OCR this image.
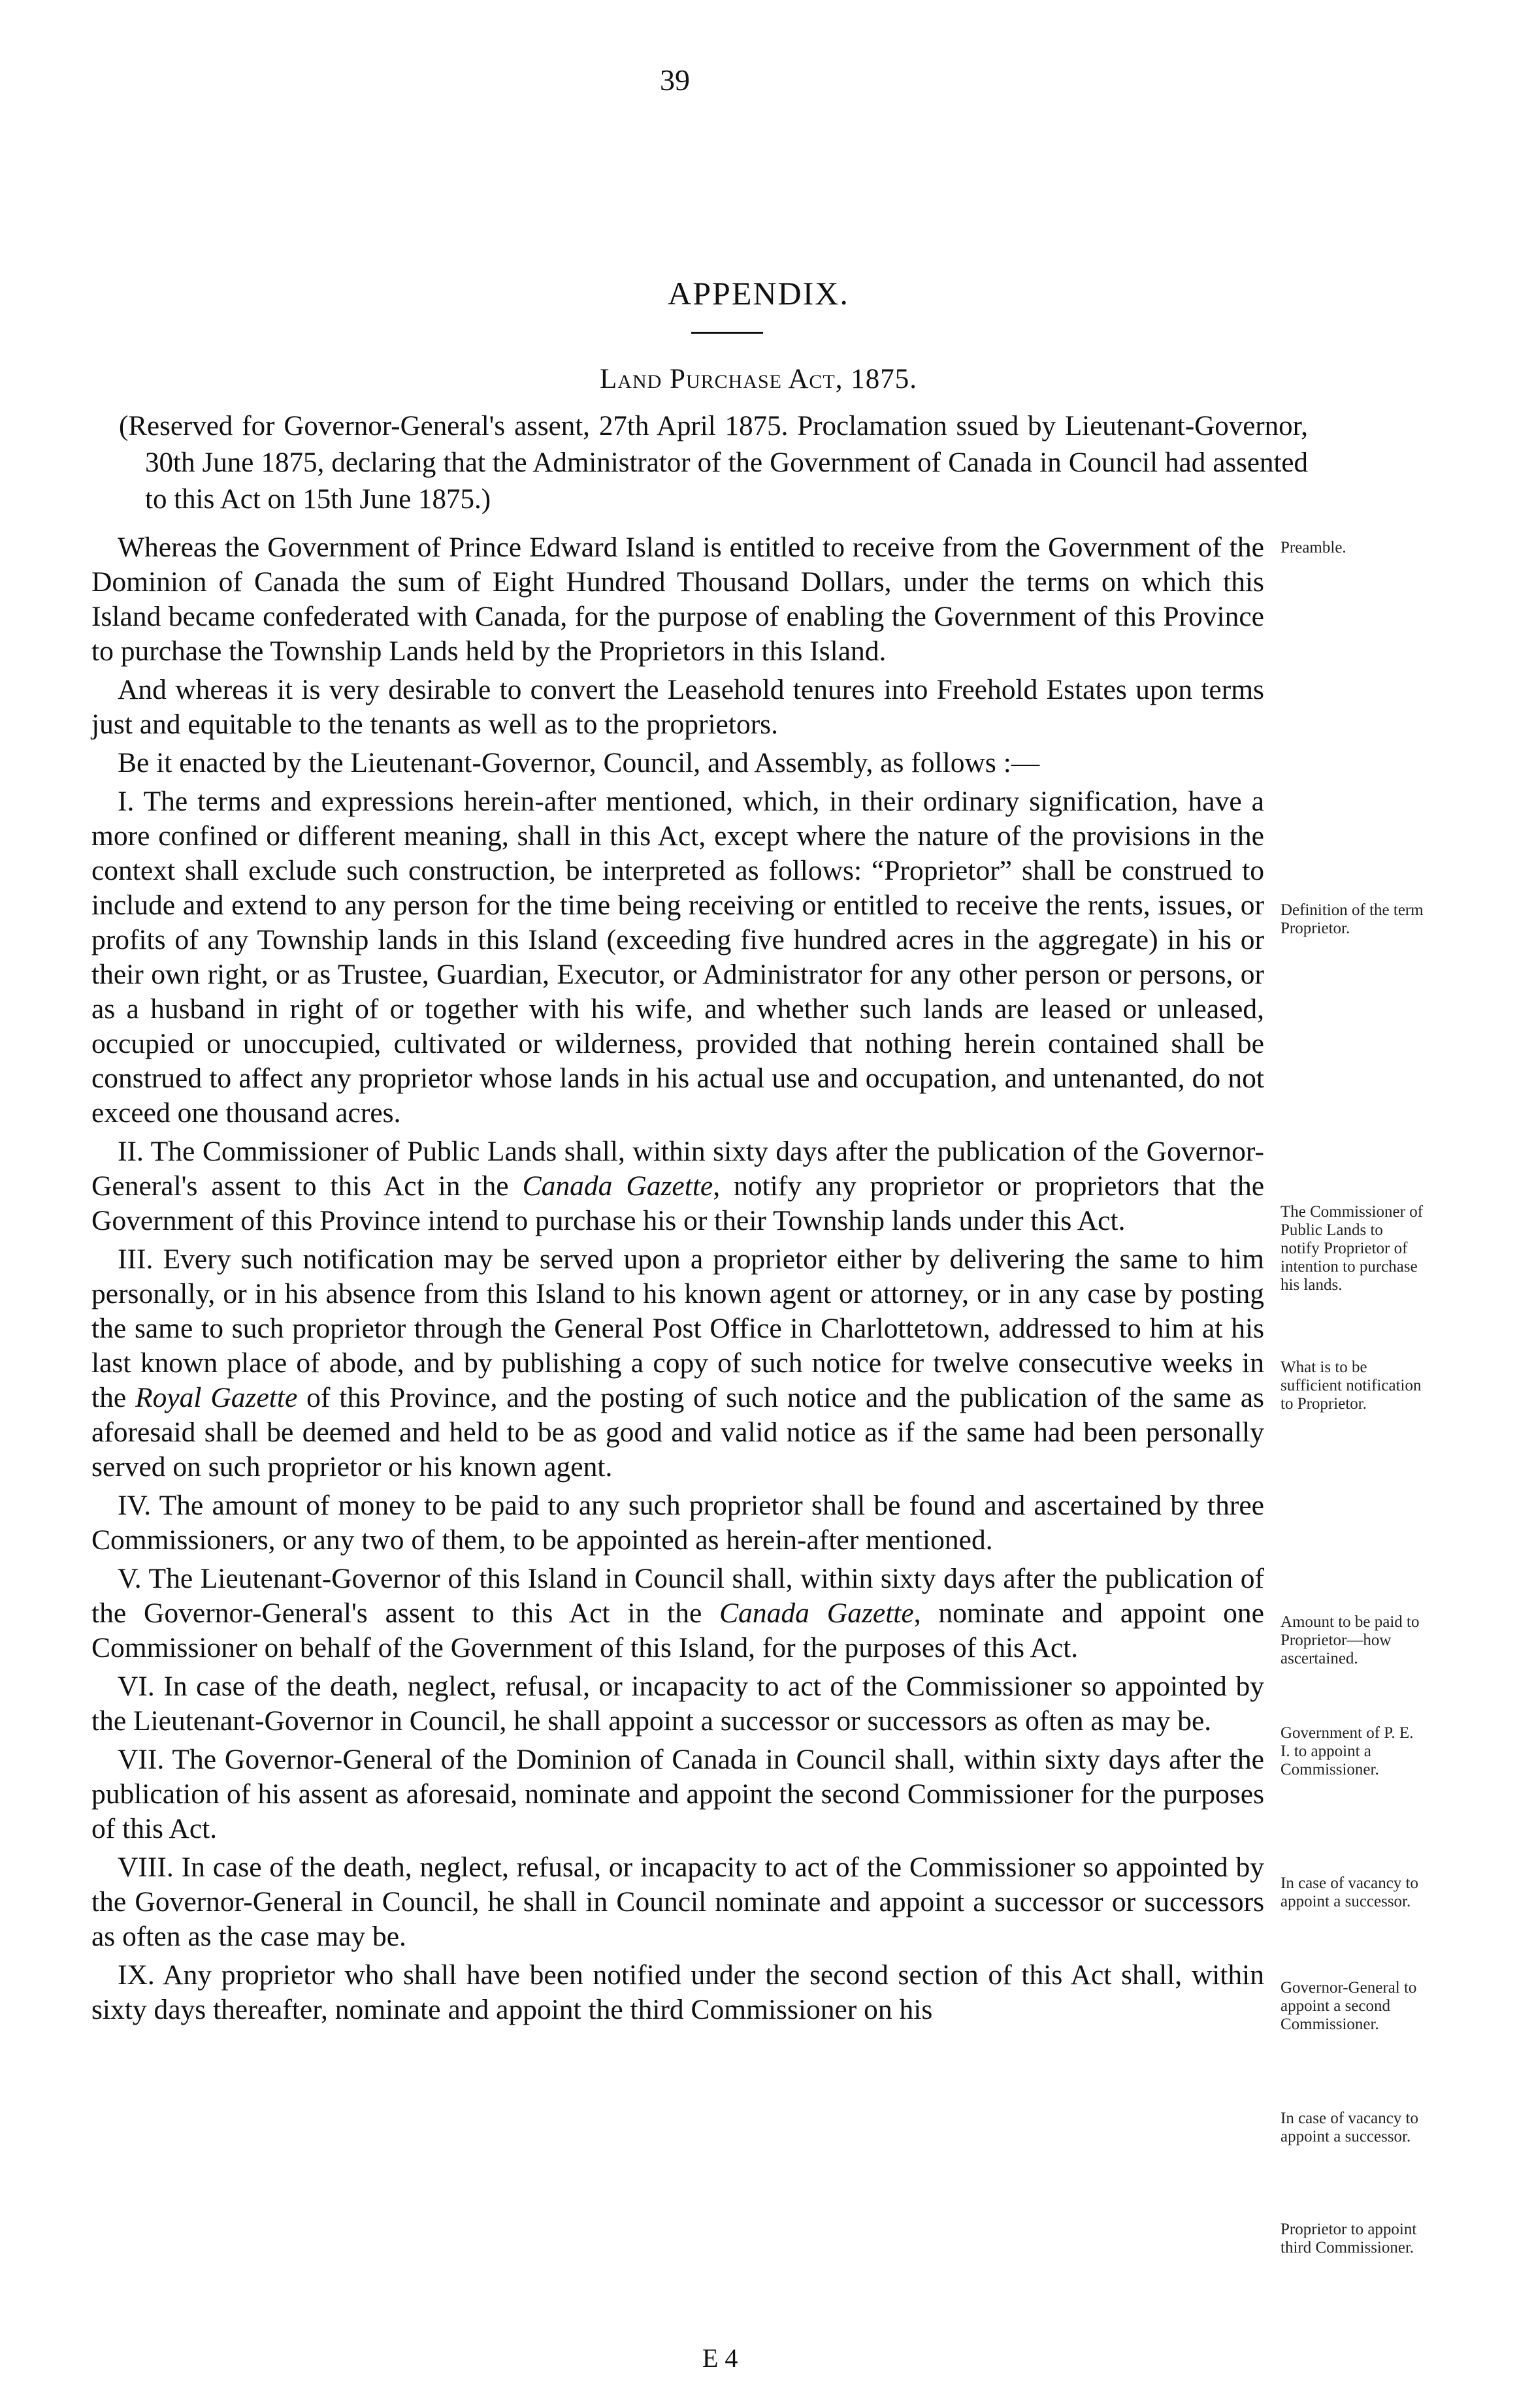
39
APPENDIX.
Land Purchase Act, 1875.
(Reserved for Governor-General's assent, 27th April 1875. Proclamation ssued by Lieutenant-Governor, 30th June 1875, declaring that the Administrator of the Government of Canada in Council had assented to this Act on 15th June 1875.)

Whereas the Government of Prince Edward Island is entitled to receive from the Government of the Dominion of Canada the sum of Eight Hundred Thousand Dollars, under the terms on which this Island became confederated with Canada, for the purpose of enabling the Government of this Province to purchase the Township Lands held by the Proprietors in this Island.

And whereas it is very desirable to convert the Leasehold tenures into Freehold Estates upon terms just and equitable to the tenants as well as to the proprietors.

Be it enacted by the Lieutenant-Governor, Council, and Assembly, as follows :—

I. The terms and expressions herein-after mentioned, which, in their ordinary signification, have a more confined or different meaning, shall in this Act, except where the nature of the provisions in the context shall exclude such construction, be interpreted as follows: “Proprietor” shall be construed to include and extend to any person for the time being receiving or entitled to receive the rents, issues, or profits of any Township lands in this Island (exceeding five hundred acres in the aggregate) in his or their own right, or as Trustee, Guardian, Executor, or Administrator for any other person or persons, or as a husband in right of or together with his wife, and whether such lands are leased or unleased, occupied or unoccupied, cultivated or wilderness, provided that nothing herein contained shall be construed to affect any proprietor whose lands in his actual use and occupation, and untenanted, do not exceed one thousand acres.

II. The Commissioner of Public Lands shall, within sixty days after the publication of the Governor-General's assent to this Act in the Canada Gazette, notify any proprietor or proprietors that the Government of this Province intend to purchase his or their Township lands under this Act.

III. Every such notification may be served upon a proprietor either by delivering the same to him personally, or in his absence from this Island to his known agent or attorney, or in any case by posting the same to such proprietor through the General Post Office in Charlottetown, addressed to him at his last known place of abode, and by publishing a copy of such notice for twelve consecutive weeks in the Royal Gazette of this Province, and the posting of such notice and the publication of the same as aforesaid shall be deemed and held to be as good and valid notice as if the same had been personally served on such proprietor or his known agent.

IV. The amount of money to be paid to any such proprietor shall be found and ascertained by three Commissioners, or any two of them, to be appointed as herein-after mentioned.

V. The Lieutenant-Governor of this Island in Council shall, within sixty days after the publication of the Governor-General's assent to this Act in the Canada Gazette, nominate and appoint one Commissioner on behalf of the Government of this Island, for the purposes of this Act.

VI. In case of the death, neglect, refusal, or incapacity to act of the Commissioner so appointed by the Lieutenant-Governor in Council, he shall appoint a successor or successors as often as may be.

VII. The Governor-General of the Dominion of Canada in Council shall, within sixty days after the publication of his assent as aforesaid, nominate and appoint the second Commissioner for the purposes of this Act.

VIII. In case of the death, neglect, refusal, or incapacity to act of the Commissioner so appointed by the Governor-General in Council, he shall in Council nominate and appoint a successor or successors as often as the case may be.

IX. Any proprietor who shall have been notified under the second section of this Act shall, within sixty days thereafter, nominate and appoint the third Commissioner on his

Preamble.
Definition of the term Proprietor.
The Commissioner of Public Lands to notify Proprietor of intention to purchase his lands.
What is to be sufficient notification to Proprietor.
Amount to be paid to Proprietor—how ascertained.
Government of P. E. I. to appoint a Commissioner.
In case of vacancy to appoint a successor.
Governor-General to appoint a second Commissioner.
In case of vacancy to appoint a successor.
Proprietor to appoint third Commissioner.
E 4
